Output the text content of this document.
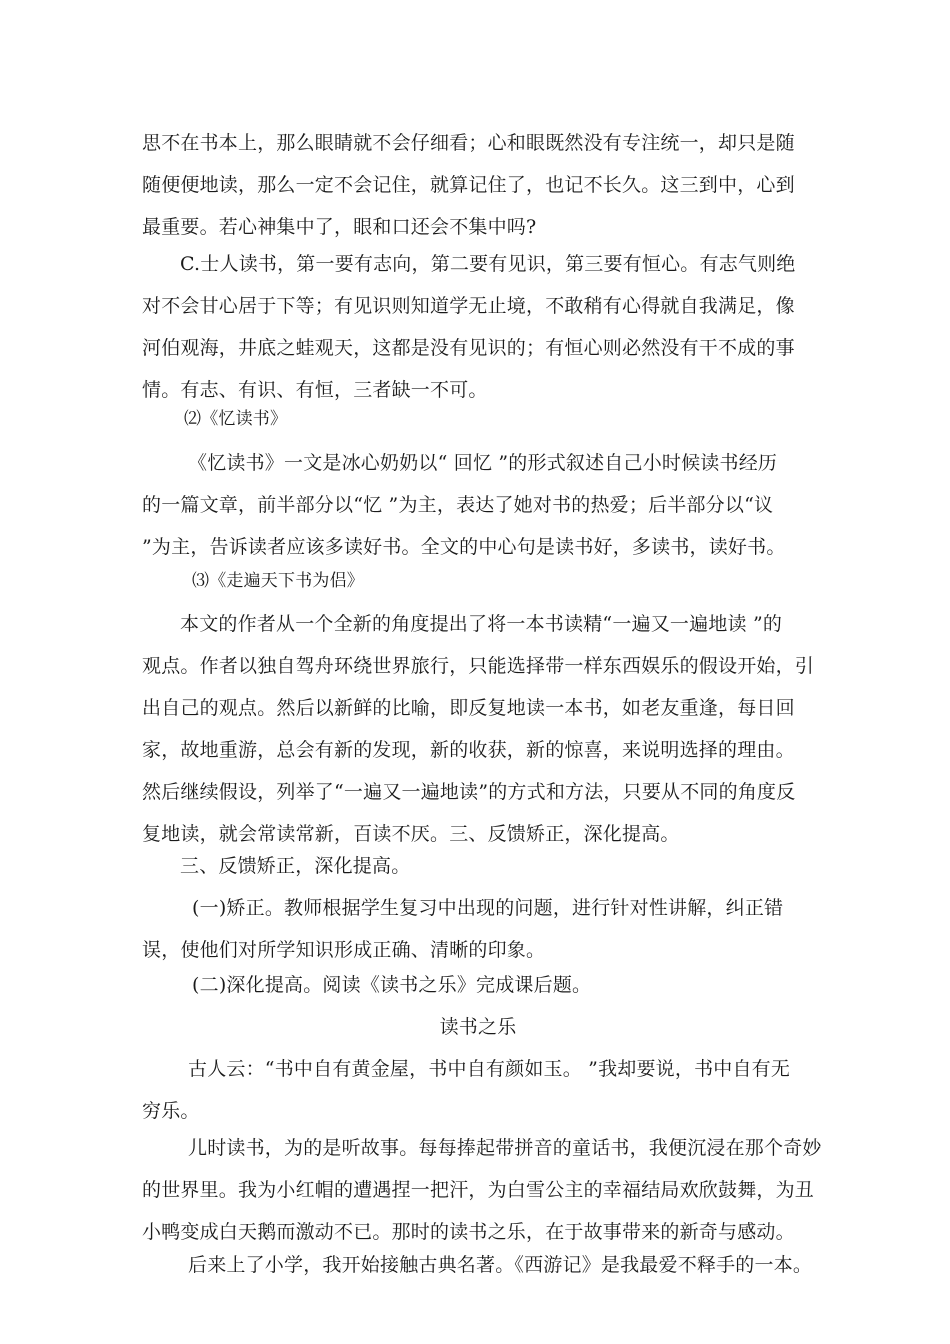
思不在书本上，那么眼睛就不会仔细看；心和眼既然没有专注统一，却只是随
随便便地读，那么一定不会记住，就算记住了，也记不长久。这三到中，心到
最重要。若心神集中了，眼和口还会不集中吗?
C.士人读书，第一要有志向，第二要有见识，第三要有恒心。有志气则绝
对不会甘心居于下等；有见识则知道学无止境，不敢稍有心得就自我满足，像
河伯观海，井底之蛙观天，这都是没有见识的；有恒心则必然没有干不成的事
情。有志、有识、有恒，三者缺一不可。
⑵《忆读书》
《忆读书》一文是冰心奶奶以“ 回忆 ”的形式叙述自己小时候读书经历
的一篇文章，前半部分以“忆 ”为主，表达了她对书的热爱；后半部分以“议
”为主，告诉读者应该多读好书。全文的中心句是读书好，多读书，读好书。
⑶《走遍天下书为侣》
本文的作者从一个全新的角度提出了将一本书读精“一遍又一遍地读 ”的
观点。作者以独自驾舟环绕世界旅行，只能选择带一样东西娱乐的假设开始，引
出自己的观点。然后以新鲜的比喻，即反复地读一本书，如老友重逢，每日回
家，故地重游，总会有新的发现，新的收获，新的惊喜，来说明选择的理由。
然后继续假设，列举了“一遍又一遍地读”的方式和方法，只要从不同的角度反
复地读，就会常读常新，百读不厌。三、反馈矫正，深化提高。
三、反馈矫正，深化提高。
(一)矫正。教师根据学生复习中出现的问题，进行针对性讲解，纠正错
误，使他们对所学知识形成正确、清晰的印象。
(二)深化提高。阅读《读书之乐》完成课后题。
读书之乐
古人云：“书中自有黄金屋，书中自有颜如玉。 ”我却要说，书中自有无
穷乐。
儿时读书，为的是听故事。每每捧起带拼音的童话书，我便沉浸在那个奇妙
的世界里。我为小红帽的遭遇捏一把汗，为白雪公主的幸福结局欢欣鼓舞，为丑
小鸭变成白天鹅而激动不已。那时的读书之乐，在于故事带来的新奇与感动。
后来上了小学，我开始接触古典名著。《西游记》是我最爱不释手的一本。
